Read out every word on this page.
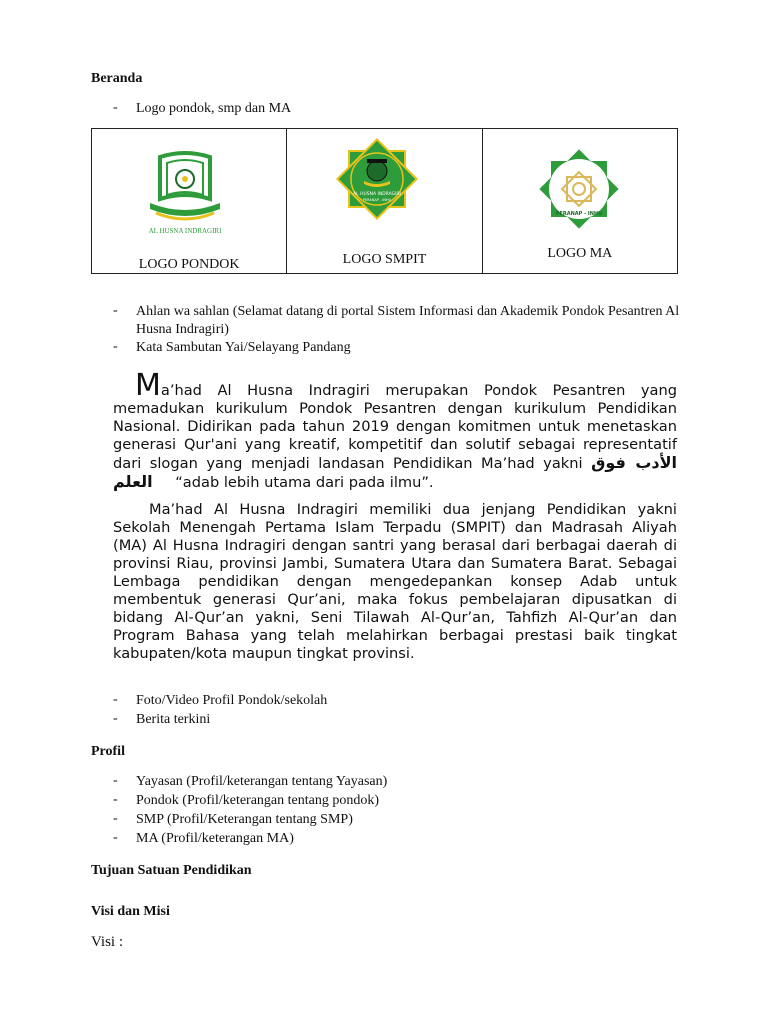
Beranda
- Logo pondok, smp dan MA
AL HUSNA INDRAGIRI
LOGO PONDOK

AL HUSNA INDRAGIRI
PERANAP - INHU
LOGO SMPIT

PERANAP - INHU
LOGO MA
- Ahlan wa sahlan (Selamat datang di portal Sistem Informasi dan Akademik Pondok Pesantren Al Husna Indragiri)
- Kata Sambutan Yai/Selayang Pandang
Ma’had Al Husna Indragiri merupakan Pondok Pesantren yang memadukan kurikulum Pondok Pesantren dengan kurikulum Pendidikan Nasional. Didirikan pada tahun 2019 dengan komitmen untuk menetaskan generasi Qur'ani yang kreatif, kompetitif dan solutif sebagai representatif dari slogan yang menjadi landasan Pendidikan Ma’had yakni الأدب فوق العلم “adab lebih utama dari pada ilmu”.
Ma’had Al Husna Indragiri memiliki dua jenjang Pendidikan yakni Sekolah Menengah Pertama Islam Terpadu (SMPIT) dan Madrasah Aliyah (MA) Al Husna Indragiri dengan santri yang berasal dari berbagai daerah di provinsi Riau, provinsi Jambi, Sumatera Utara dan Sumatera Barat. Sebagai Lembaga pendidikan dengan mengedepankan konsep Adab untuk membentuk generasi Qur’ani, maka fokus pembelajaran dipusatkan di bidang Al-Qur’an yakni, Seni Tilawah Al-Qur’an, Tahfizh Al-Qur’an dan Program Bahasa yang telah melahirkan berbagai prestasi baik tingkat kabupaten/kota maupun tingkat provinsi.
- Foto/Video Profil Pondok/sekolah
- Berita terkini
Profil
- Yayasan (Profil/keterangan tentang Yayasan)
- Pondok (Profil/keterangan tentang pondok)
- SMP (Profil/Keterangan tentang SMP)
- MA (Profil/keterangan MA)
Tujuan Satuan Pendidikan
Visi dan Misi
Visi :
